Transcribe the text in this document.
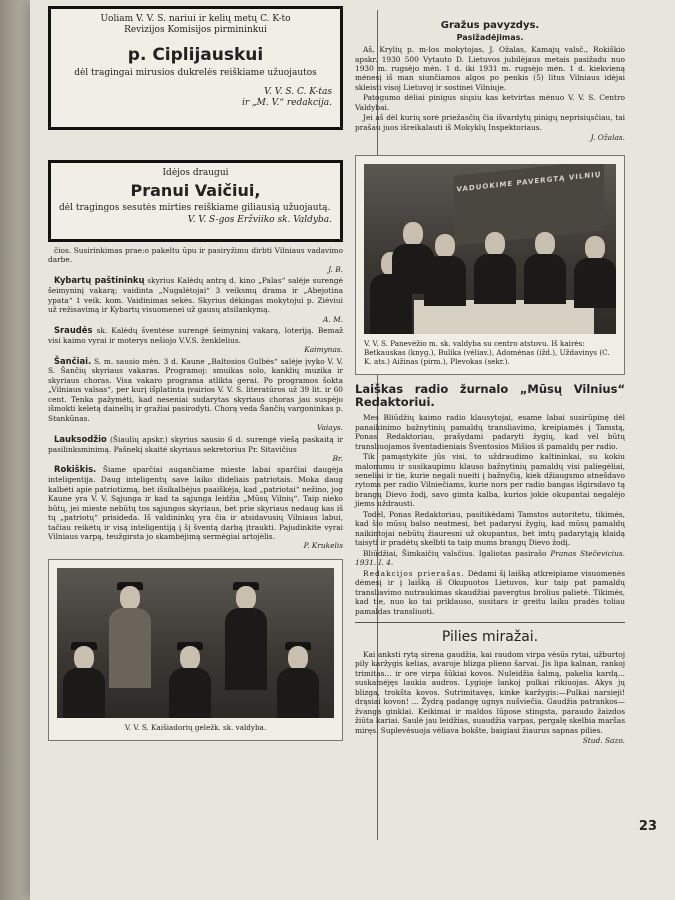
23
Uoliam V. V. S. nariui ir kelių metų C. K-to
Revizijos Komisijos pirmininkui
p. Ciplijauskui
dėl tragingai mirusios dukrelės reiškiame užuojautos
V. V. S. C. K-tas
ir „M. V.“ redakcija.
Idėjos draugui
Pranui Vaičiui,
dėl tragingos sesutės mirties reiškiame giliausią užuojautą.
V. V. S-gos Eržviiko sk. Valdyba.

čios. Susirinkimas prae:o pakeltu ūpu ir pasiryžimu dirbti Vilniaus vadavimo darbe.
J. B.

Kybartų paštininkų skyrius Kalėdų antrą d. kino „Palas“ salėje surengė šeimyninį vakarą; vaidinta „Nugalėtojai“ 3 veiksmų drama ir „Abejotina ypata“ 1 veik. kom. Vaidinimas sekės. Skyrius dėkingas mokytojui p. Ziėviui už režisavimą ir Kybartų visuomenei už gausų atsilankymą.
A. M.

Sraudės sk. Kalėdų šventėse surengė šeimyninį vakarą, loteriją. Bemaž visi kaimo vyrai ir moterys nešiojo V.V.S. ženklelius.
Kaimynas.

Šančiai. S. m. sausio mėn. 3 d. Kaune „Baltosios Gulbės“ salėje įvyko V. V. S. Šančių skyriaus vakaras. Programoj: smuikas solo, kanklių muzika ir skyriaus choras. Visa vakaro programa atlikta gerai. Po programos šokta „Vilniaus valsas“, per kurį išplatinta įvairios V. V. S. literatūros už 39 lit. ir 60 cent. Tenka pažymėti, kad neseniai sudarytas skyriaus choras jau suspėjo išmokti keletą dainelių ir gražiai pasirodyti. Chorą veda Šančių vargoninkas p. Stankūnas.
Vaiays.

Lauksodžio (Šiaulių apskr.) skyrius sausio 6 d. surengė viešą paskaitą ir pasilinksminimą. Pašnekį skaitė skyriaus sekretorius Pr. Sitavičius
Br.

Rokiškis. Šiame sparčiai augančiame mieste labai sparčiai daugėja inteligentija. Daug inteligentų save laiko dideliais patriotais. Moka daug kalbėti apie patriotizmą, bet išsikalbėjus paaiškėja, kad „patriotai“ nežino, jog Kaune yra V. V. Sąjunga ir kad ta sąjunga leidžia „Mūsų Vilnių“. Taip nieko būtų, jei mieste nebūtų tos sąjungos skyriaus, bet prie skyriaus nedaug kas iš tų „patriotų“ prisideda. Iš valdininkų yra čia ir atsidavusių Vilniaus labui, tačiau reikėtų ir visą inteligentiją į šį šventą darbą įtraukti. Pajudinkite vyrai Vilniaus varpą, teužgirsta jo skambėjimą sermėgiai artojėlis.
P. Krukelis

V. V. S. Kaišiadorių geležk. sk. valdyba.
Gražus pavyzdys.
Pasižadėjimas.

Aš, Krylių p. m-los mokytojas, J. Ožalas, Kamajų valsč., Rokiškio apskr. 1930 500 Vytauto D. Lietuvos jubilėjaus metais pasižadu nuo 1930 m. rugsėjo mėn. 1 d. iki 1931 m. rugsėjo mėn. 1 d. kiekvieną mėnesį iš man siunčiamos algos po penkis (5) litus Vilniaus idėjai skleisti visoj Lietuvoj ir sostinei Vilniuje.

Patogumo dėliai pinigus siųsiu kas ketvirtas mėnuo V. V. S. Centro Valdybai.

Jei aš dėl kurių sorė priežasčių čia išvardytų pinigų neprisiųsčiau, tai prašau juos išreikalauti iš Mokyklų Inspektoriaus.

J. Ožalas.
VADUOKIME PAVERGTĄ VILNIŲ
V. V. S. Panevėžio m. sk. valdyba su centro atstovu. Iš kairės: Betkauskas (knyg.), Bulika (vėliav.), Adomėnas (ižd.), Uždavinys (C. K. ats.) Aižinas (pirm.), Plevokas (sekr.).
Laiškas radio žurnalo „Mūsų Vilnius“ Redaktoriui.

Mes Bliūdžių kaimo radio klausytojai, esame labai susirūpinę dėl panaikinimo bažnytinių pamaldų transliavimo, kreipiamės į Tamstą, Ponas Redaktoriau, prašydami padaryti žygių, kad vėl būtų transliuojamos šventadieniais Šventosios Mišios iš pamaldų per radio.

Tik pamąstykite jūs visi, to uždraudimo kaltininkai, su kokiu malonumu ir susikaupimu klauso bažnytinių pamaldų visi paliegėliai, seneliai ir tie, kurie negali nueiti į bažnyčią, kiek džiaugsmo atnešdavo rytoms per radio Vilniečiams, kurie nors per radio bangas išgirsdavo tą brangų Dievo žodį, savo gimta kalba, kurios jokie okupantai negalėjo jiems uždrausti.

Todėl, Ponas Redaktoriau, pasitikėdami Tamstos autoritetu, tikimės, kad šio mūsų balso neatmesi, bet padarysi žygių, kad mūsų pamaldų naikintojai nebūtų žiauresni už okupantus, bet imtų padarytąją klaidą taisyti ir pradėtų skelbti ta taip mums brangų Dievo žodį.

Bliūdžiai, Šimkaičių valsčius. Igaliotas pasirašo Pranas Stečevicius. 1931. I. 4.

Redakcijos prierašas. Dėdami šį laišką atkreipiame visuomenės dėmesį ir į laišką iš Okupuotos Lietuvos, kur taip pat pamaldų transliavimo nutraukimas skaudžiai pavergtus brolius palietė. Tikimės, kad tie, nuo ko tai priklauso, susitars ir greitu laiku pradės toliau pamaldas transliuoti.

Pilies miražai.

Kai anksti rytą sirena gaudžia, kai raudom virpa vėsūs rytai, užburtoj pily karžygis kelias, avaroje blizga plieno šarvai. Jis lipa kalnan, rankoj trimitas... ir ore virpa šūkiai kovos. Nuleidžia šalmą, pakelia kardą... suskamėjęs laukia audros. Lygioje lankoj pulkai rikiuojas. Akys jų blizga, trokšta kovos. Sutrimitavęs, kinke karžygis:—Pulkai narsieji! drąsiai kovon! ... Žydrą padangę ugnys nušviečia. Gaudžia patrankos—žvanga ginklai. Keikimai ir maldos lūpose stingsta, paraudo žaizdos žiūta kariai. Saulė jau leidžias, suaudžia varpas, pergalę skelbia maršas miręs. Suplevėsuoja vėliava bokšte, baigiasi žiaurus sapnas pilies.

Stud. Sazo.
